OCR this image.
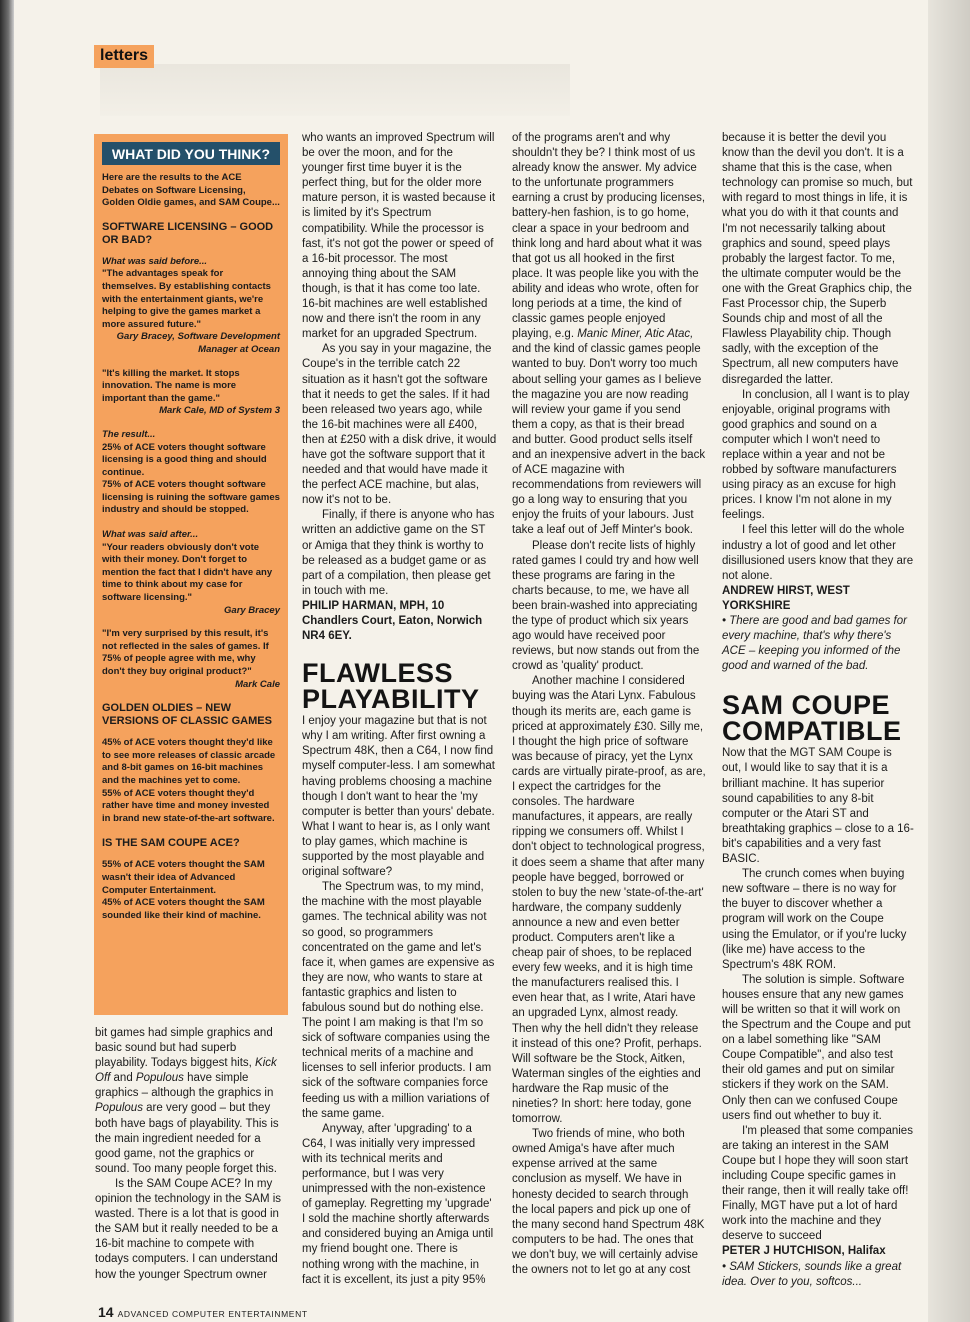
letters
WHAT DID YOU THINK?

Here are the results to the ACE Debates on Software Licensing, Golden Oldie games, and SAM Coupe...

SOFTWARE LICENSING – GOOD OR BAD?

What was said before...

"The advantages speak for themselves. By establishing contacts with the entertainment giants, we're helping to give the games market a more assured future."

Gary Bracey, Software Development Manager at Ocean

"It's killing the market. It stops innovation. The name is more important than the game."

Mark Cale, MD of System 3

The result...

25% of ACE voters thought software licensing is a good thing and should continue.

75% of ACE voters thought software licensing is ruining the software games industry and should be stopped.

What was said after...

"Your readers obviously don't vote with their money. Don't forget to mention the fact that I didn't have any time to think about my case for software licensing."

Gary Bracey

"I'm very surprised by this result, it's not reflected in the sales of games. If 75% of people agree with me, why don't they buy original product?"

Mark Cale

GOLDEN OLDIES – NEW VERSIONS OF CLASSIC GAMES

45% of ACE voters thought they'd like to see more releases of classic arcade and 8-bit games on 16-bit machines and the machines yet to come.

55% of ACE voters thought they'd rather have time and money invested in brand new state-of-the-art software.

IS THE SAM COUPE ACE?

55% of ACE voters thought the SAM wasn't their idea of Advanced Computer Entertainment.

45% of ACE voters thought the SAM sounded like their kind of machine.

bit games had simple graphics and basic sound but had superb playability. Todays biggest hits, Kick Off and Populous have simple graphics – although the graphics in Populous are very good – but they both have bags of playability. This is the main ingredient needed for a good game, not the graphics or sound. Too many people forget this.

Is the SAM Coupe ACE? In my opinion the technology in the SAM is wasted. There is a lot that is good in the SAM but it really needed to be a 16-bit machine to compete with todays computers. I can understand how the younger Spectrum owner

who wants an improved Spectrum will be over the moon, and for the younger first time buyer it is the perfect thing, but for the older more mature person, it is wasted because it is limited by it's Spectrum compatibility. While the processor is fast, it's not got the power or speed of a 16-bit processor. The most annoying thing about the SAM though, is that it has come too late. 16-bit machines are well established now and there isn't the room in any market for an upgraded Spectrum.

As you say in your magazine, the Coupe's in the terrible catch 22 situation as it hasn't got the software that it needs to get the sales. If it had been released two years ago, while the 16-bit machines were all £400, then at £250 with a disk drive, it would have got the software support that it needed and that would have made it the perfect ACE machine, but alas, now it's not to be.

Finally, if there is anyone who has written an addictive game on the ST or Amiga that they think is worthy to be released as a budget game or as part of a compilation, then please get in touch with me.

PHILIP HARMAN, MPH, 10 Chandlers Court, Eaton, Norwich NR4 6EY.

FLAWLESS PLAYABILITY

I enjoy your magazine but that is not why I am writing. After first owning a Spectrum 48K, then a C64, I now find myself computer-less. I am somewhat having problems choosing a machine though I don't want to hear the 'my computer is better than yours' debate. What I want to hear is, as I only want to play games, which machine is supported by the most playable and original software?

The Spectrum was, to my mind, the machine with the most playable games. The technical ability was not so good, so programmers concentrated on the game and let's face it, when games are expensive as they are now, who wants to stare at fantastic graphics and listen to fabulous sound but do nothing else. The point I am making is that I'm so sick of software companies using the technical merits of a machine and licenses to sell inferior products. I am sick of the software companies force feeding us with a million variations of the same game.

Anyway, after 'upgrading' to a C64, I was initially very impressed with its technical merits and performance, but I was very unimpressed with the non-existence of gameplay. Regretting my 'upgrade' I sold the machine shortly afterwards and considered buying an Amiga until my friend bought one. There is nothing wrong with the machine, in fact it is excellent, its just a pity 95%

of the programs aren't and why shouldn't they be? I think most of us already know the answer. My advice to the unfortunate programmers earning a crust by producing licenses, battery-hen fashion, is to go home, clear a space in your bedroom and think long and hard about what it was that got us all hooked in the first place. It was people like you with the ability and ideas who wrote, often for long periods at a time, the kind of classic games people enjoyed playing, e.g. Manic Miner, Atic Atac, and the kind of classic games people wanted to buy. Don't worry too much about selling your games as I believe the magazine you are now reading will review your game if you send them a copy, as that is their bread and butter. Good product sells itself and an inexpensive advert in the back of ACE magazine with recommendations from reviewers will go a long way to ensuring that you enjoy the fruits of your labours. Just take a leaf out of Jeff Minter's book.

Please don't recite lists of highly rated games I could try and how well these programs are faring in the charts because, to me, we have all been brain-washed into appreciating the type of product which six years ago would have received poor reviews, but now stands out from the crowd as 'quality' product.

Another machine I considered buying was the Atari Lynx. Fabulous though its merits are, each game is priced at approximately £30. Silly me, I thought the high price of software was because of piracy, yet the Lynx cards are virtually pirate-proof, as are, I expect the cartridges for the consoles. The hardware manufactures, it appears, are really ripping we consumers off. Whilst I don't object to technological progress, it does seem a shame that after many people have begged, borrowed or stolen to buy the new 'state-of-the-art' hardware, the company suddenly announce a new and even better product. Computers aren't like a cheap pair of shoes, to be replaced every few weeks, and it is high time the manufacturers realised this. I even hear that, as I write, Atari have an upgraded Lynx, almost ready. Then why the hell didn't they release it instead of this one? Profit, perhaps. Will software be the Stock, Aitken, Waterman singles of the eighties and hardware the Rap music of the nineties? In short: here today, gone tomorrow.

Two friends of mine, who both owned Amiga's have after much expense arrived at the same conclusion as myself. We have in honesty decided to search through the local papers and pick up one of the many second hand Spectrum 48K computers to be had. The ones that we don't buy, we will certainly advise the owners not to let go at any cost

because it is better the devil you know than the devil you don't. It is a shame that this is the case, when technology can promise so much, but with regard to most things in life, it is what you do with it that counts and I'm not necessarily talking about graphics and sound, speed plays probably the largest factor. To me, the ultimate computer would be the one with the Great Graphics chip, the Fast Processor chip, the Superb Sounds chip and most of all the Flawless Playability chip. Though sadly, with the exception of the Spectrum, all new computers have disregarded the latter.

In conclusion, all I want is to play enjoyable, original programs with good graphics and sound on a computer which I won't need to replace within a year and not be robbed by software manufacturers using piracy as an excuse for high prices. I know I'm not alone in my feelings.

I feel this letter will do the whole industry a lot of good and let other disillusioned users know that they are not alone.

ANDREW HIRST, WEST YORKSHIRE

• There are good and bad games for every machine, that's why there's ACE – keeping you informed of the good and warned of the bad.

SAM COUPE COMPATIBLE

Now that the MGT SAM Coupe is out, I would like to say that it is a brilliant machine. It has superior sound capabilities to any 8-bit computer or the Atari ST and breathtaking graphics – close to a 16-bit's capabilities and a very fast BASIC.

The crunch comes when buying new software – there is no way for the buyer to discover whether a program will work on the Coupe using the Emulator, or if you're lucky (like me) have access to the Spectrum's 48K ROM.

The solution is simple. Software houses ensure that any new games will be written so that it will work on the Spectrum and the Coupe and put on a label something like "SAM Coupe Compatible", and also test their old games and put on similar stickers if they work on the SAM. Only then can we confused Coupe users find out whether to buy it.

I'm pleased that some companies are taking an interest in the SAM Coupe but I hope they will soon start including Coupe specific games in their range, then it will really take off! Finally, MGT have put a lot of hard work into the machine and they deserve to succeed

PETER J HUTCHISON, Halifax

• SAM Stickers, sounds like a great idea. Over to you, softcos...

14 ADVANCED COMPUTER ENTERTAINMENT
